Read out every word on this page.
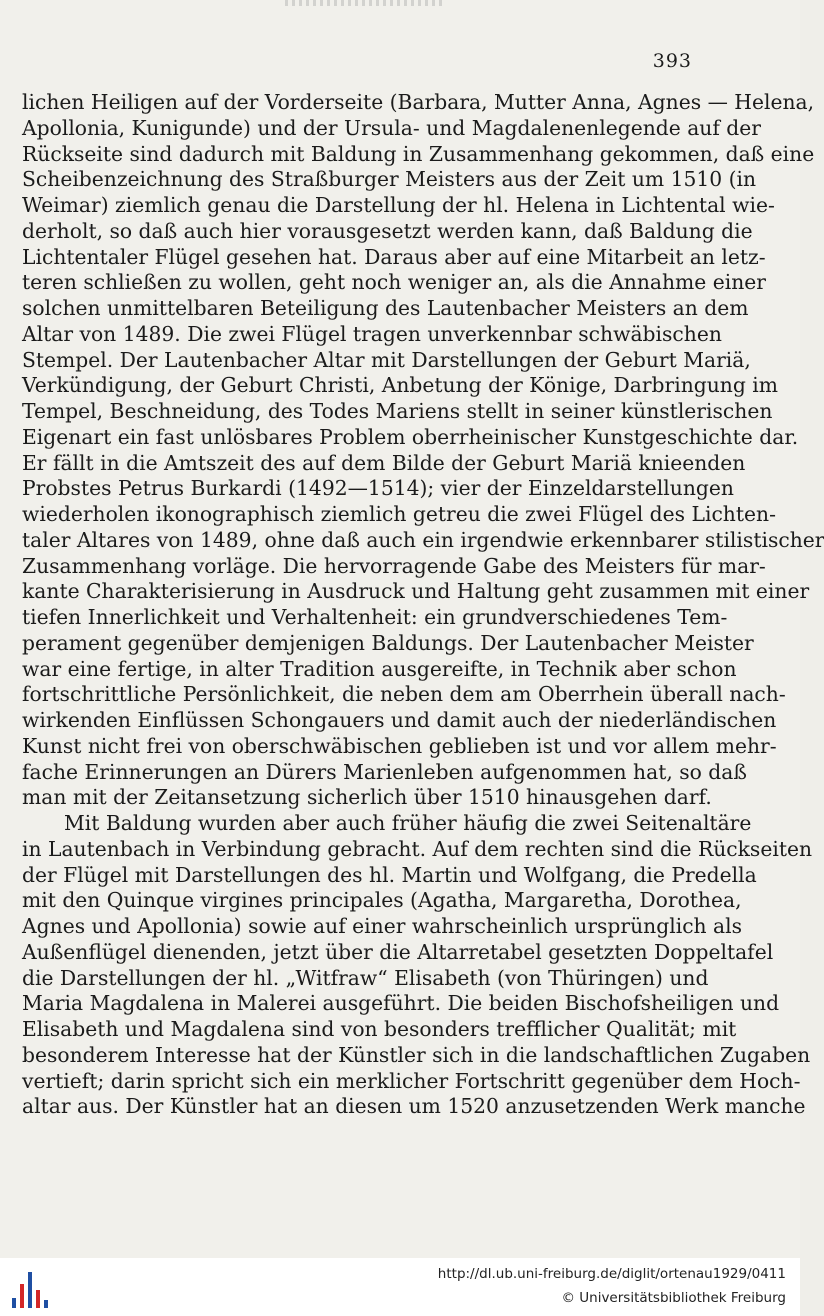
393
lichen Heiligen auf der Vorderseite (Barbara, Mutter Anna, Agnes — Helena,
Apollonia, Kunigunde) und der Ursula- und Magdalenenlegende auf der
Rückseite sind dadurch mit Baldung in Zusammenhang gekommen, daß eine
Scheibenzeichnung des Straßburger Meisters aus der Zeit um 1510 (in
Weimar) ziemlich genau die Darstellung der hl. Helena in Lichtental wie-
derholt, so daß auch hier vorausgesetzt werden kann, daß Baldung die
Lichtentaler Flügel gesehen hat. Daraus aber auf eine Mitarbeit an letz-
teren schließen zu wollen, geht noch weniger an, als die Annahme einer
solchen unmittelbaren Beteiligung des Lautenbacher Meisters an dem
Altar von 1489. Die zwei Flügel tragen unverkennbar schwäbischen
Stempel. Der Lautenbacher Altar mit Darstellungen der Geburt Mariä,
Verkündigung, der Geburt Christi, Anbetung der Könige, Darbringung im
Tempel, Beschneidung, des Todes Mariens stellt in seiner künstlerischen
Eigenart ein fast unlösbares Problem oberrheinischer Kunstgeschichte dar.
Er fällt in die Amtszeit des auf dem Bilde der Geburt Mariä knieenden
Probstes Petrus Burkardi (1492—1514); vier der Einzeldarstellungen
wiederholen ikonographisch ziemlich getreu die zwei Flügel des Lichten-
taler Altares von 1489, ohne daß auch ein irgendwie erkennbarer stilistischer
Zusammenhang vorläge. Die hervorragende Gabe des Meisters für mar-
kante Charakterisierung in Ausdruck und Haltung geht zusammen mit einer
tiefen Innerlichkeit und Verhaltenheit: ein grundverschiedenes Tem-
perament gegenüber demjenigen Baldungs. Der Lautenbacher Meister
war eine fertige, in alter Tradition ausgereifte, in Technik aber schon
fortschrittliche Persönlichkeit, die neben dem am Oberrhein überall nach-
wirkenden Einflüssen Schongauers und damit auch der niederländischen
Kunst nicht frei von oberschwäbischen geblieben ist und vor allem mehr-
fache Erinnerungen an Dürers Marienleben aufgenommen hat, so daß
man mit der Zeitansetzung sicherlich über 1510 hinausgehen darf.
Mit Baldung wurden aber auch früher häufig die zwei Seitenaltäre
in Lautenbach in Verbindung gebracht. Auf dem rechten sind die Rückseiten
der Flügel mit Darstellungen des hl. Martin und Wolfgang, die Predella
mit den Quinque virgines principales (Agatha, Margaretha, Dorothea,
Agnes und Apollonia) sowie auf einer wahrscheinlich ursprünglich als
Außenflügel dienenden, jetzt über die Altarretabel gesetzten Doppeltafel
die Darstellungen der hl. „Witfraw“ Elisabeth (von Thüringen) und
Maria Magdalena in Malerei ausgeführt. Die beiden Bischofsheiligen und
Elisabeth und Magdalena sind von besonders trefflicher Qualität; mit
besonderem Interesse hat der Künstler sich in die landschaftlichen Zugaben
vertieft; darin spricht sich ein merklicher Fortschritt gegenüber dem Hoch-
altar aus. Der Künstler hat an diesen um 1520 anzusetzenden Werk manche
http://dl.ub.uni-freiburg.de/diglit/ortenau1929/0411
© Universitätsbibliothek Freiburg
